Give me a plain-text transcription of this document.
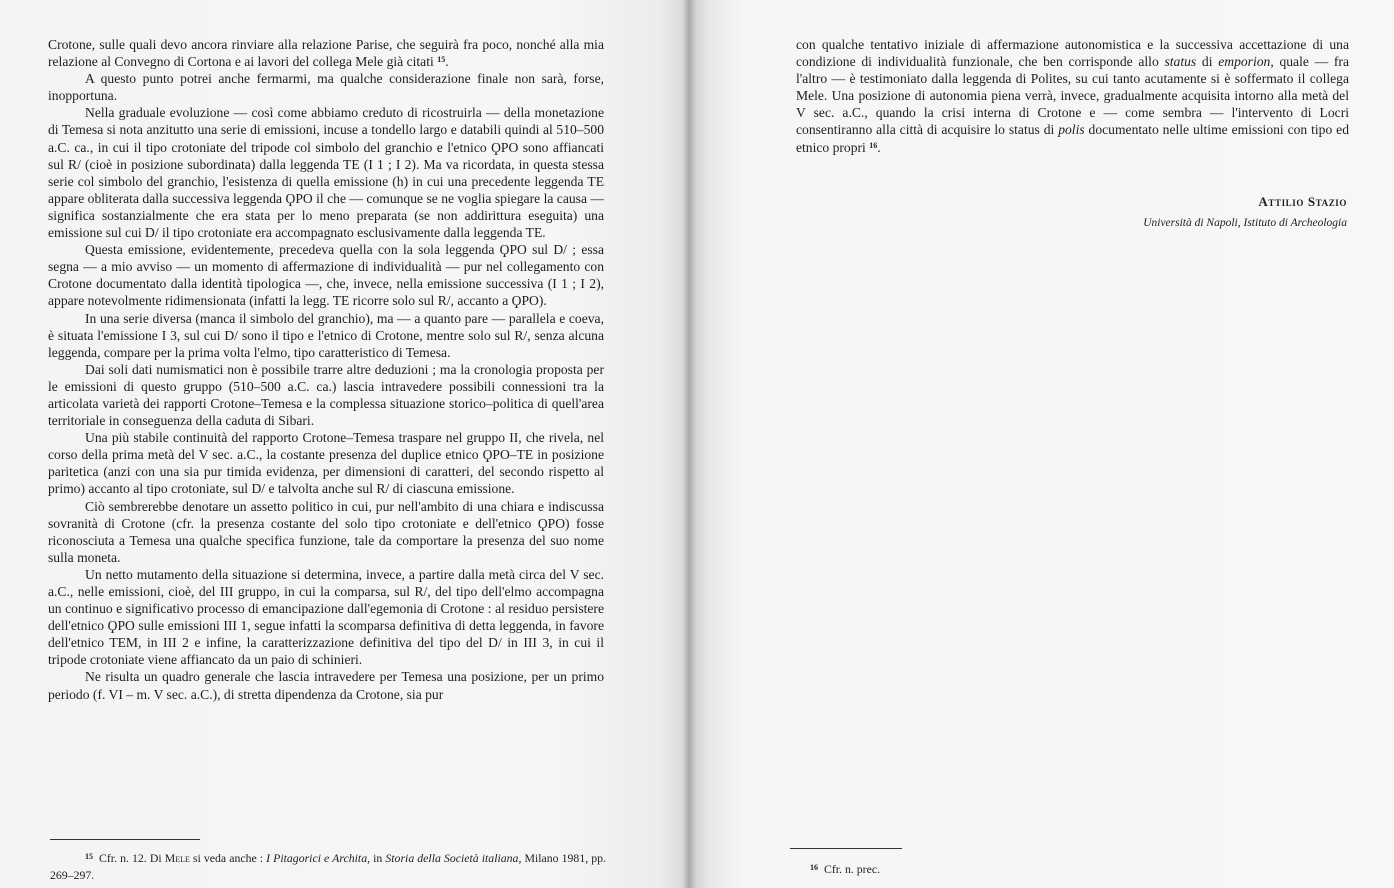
Crotone, sulle quali devo ancora rinviare alla relazione Parise, che seguirà fra poco, nonché alla mia relazione al Convegno di Cortona e ai lavori del collega Mele già citati $^{15}$.

A questo punto potrei anche fermarmi, ma qualche considerazione finale non sarà, forse, inopportuna.

Nella graduale evoluzione — così come abbiamo creduto di ricostruirla — della monetazione di Temesa si nota anzitutto una serie di emissioni, incuse a tondello largo e databili quindi al 510–500 a.C. ca., in cui il tipo crotoniate del tripode col simbolo del granchio e l'etnico ϘPO sono affiancati sul R/ (cioè in posizione subordinata) dalla leggenda TE (I 1 ; I 2). Ma va ricordata, in questa stessa serie col simbolo del granchio, l'esistenza di quella emissione (h) in cui una precedente leggenda TE appare obliterata dalla successiva leggenda ϘPO il che — comunque se ne voglia spiegare la causa — significa sostanzialmente che era stata per lo meno preparata (se non addirittura eseguita) una emissione sul cui D/ il tipo crotoniate era accompagnato esclusivamente dalla leggenda TE.

Questa emissione, evidentemente, precedeva quella con la sola leggenda ϘPO sul D/ ; essa segna — a mio avviso — un momento di affermazione di individualità — pur nel collegamento con Crotone documentato dalla identità tipologica —, che, invece, nella emissione successiva (I 1 ; I 2), appare notevolmente ridimensionata (infatti la legg. TE ricorre solo sul R/, accanto a ϘPO).

In una serie diversa (manca il simbolo del granchio), ma — a quanto pare — parallela e coeva, è situata l'emissione I 3, sul cui D/ sono il tipo e l'etnico di Crotone, mentre solo sul R/, senza alcuna leggenda, compare per la prima volta l'elmo, tipo caratteristico di Temesa.

Dai soli dati numismatici non è possibile trarre altre deduzioni ; ma la cronologia proposta per le emissioni di questo gruppo (510–500 a.C. ca.) lascia intravedere possibili connessioni tra la articolata varietà dei rapporti Crotone–Temesa e la complessa situazione storico–politica di quell'area territoriale in conseguenza della caduta di Sibari.

Una più stabile continuità del rapporto Crotone–Temesa traspare nel gruppo II, che rivela, nel corso della prima metà del V sec. a.C., la costante presenza del duplice etnico ϘPO–TE in posizione paritetica (anzi con una sia pur timida evidenza, per dimensioni di caratteri, del secondo rispetto al primo) accanto al tipo crotoniate, sul D/ e talvolta anche sul R/ di ciascuna emissione.

Ciò sembrerebbe denotare un assetto politico in cui, pur nell'ambito di una chiara e indiscussa sovranità di Crotone (cfr. la presenza costante del solo tipo crotoniate e dell'etnico ϘPO) fosse riconosciuta a Temesa una qualche specifica funzione, tale da comportare la presenza del suo nome sulla moneta.

Un netto mutamento della situazione si determina, invece, a partire dalla metà circa del V sec. a.C., nelle emissioni, cioè, del III gruppo, in cui la comparsa, sul R/, del tipo dell'elmo accompagna un continuo e significativo processo di emancipazione dall'egemonia di Crotone : al residuo persistere dell'etnico ϘPO sulle emissioni III 1, segue infatti la scomparsa definitiva di detta leggenda, in favore dell'etnico TEM, in III 2 e infine, la caratterizzazione definitiva del tipo del D/ in III 3, in cui il tripode crotoniate viene affiancato da un paio di schinieri.

Ne risulta un quadro generale che lascia intravedere per Temesa una posizione, per un primo periodo (f. VI – m. V sec. a.C.), di stretta dipendenza da Crotone, sia pur

$^{15}$ Cfr. n. 12. Di Mele si veda anche : I Pitagorici e Archita, in Storia della Società italiana, Milano 1981, pp. 269–297.

con qualche tentativo iniziale di affermazione autonomistica e la successiva accettazione di una condizione di individualità funzionale, che ben corrisponde allo status di emporion, quale — fra l'altro — è testimoniato dalla leggenda di Polites, su cui tanto acutamente si è soffermato il collega Mele. Una posizione di autonomia piena verrà, invece, gradualmente acquisita intorno alla metà del V sec. a.C., quando la crisi interna di Crotone e — come sembra — l'intervento di Locri consentiranno alla città di acquisire lo status di polis documentato nelle ultime emissioni con tipo ed etnico propri $^{16}$.

Attilio Stazio
Università di Napoli, Istituto di Archeologia
$^{16}$ Cfr. n. prec.
